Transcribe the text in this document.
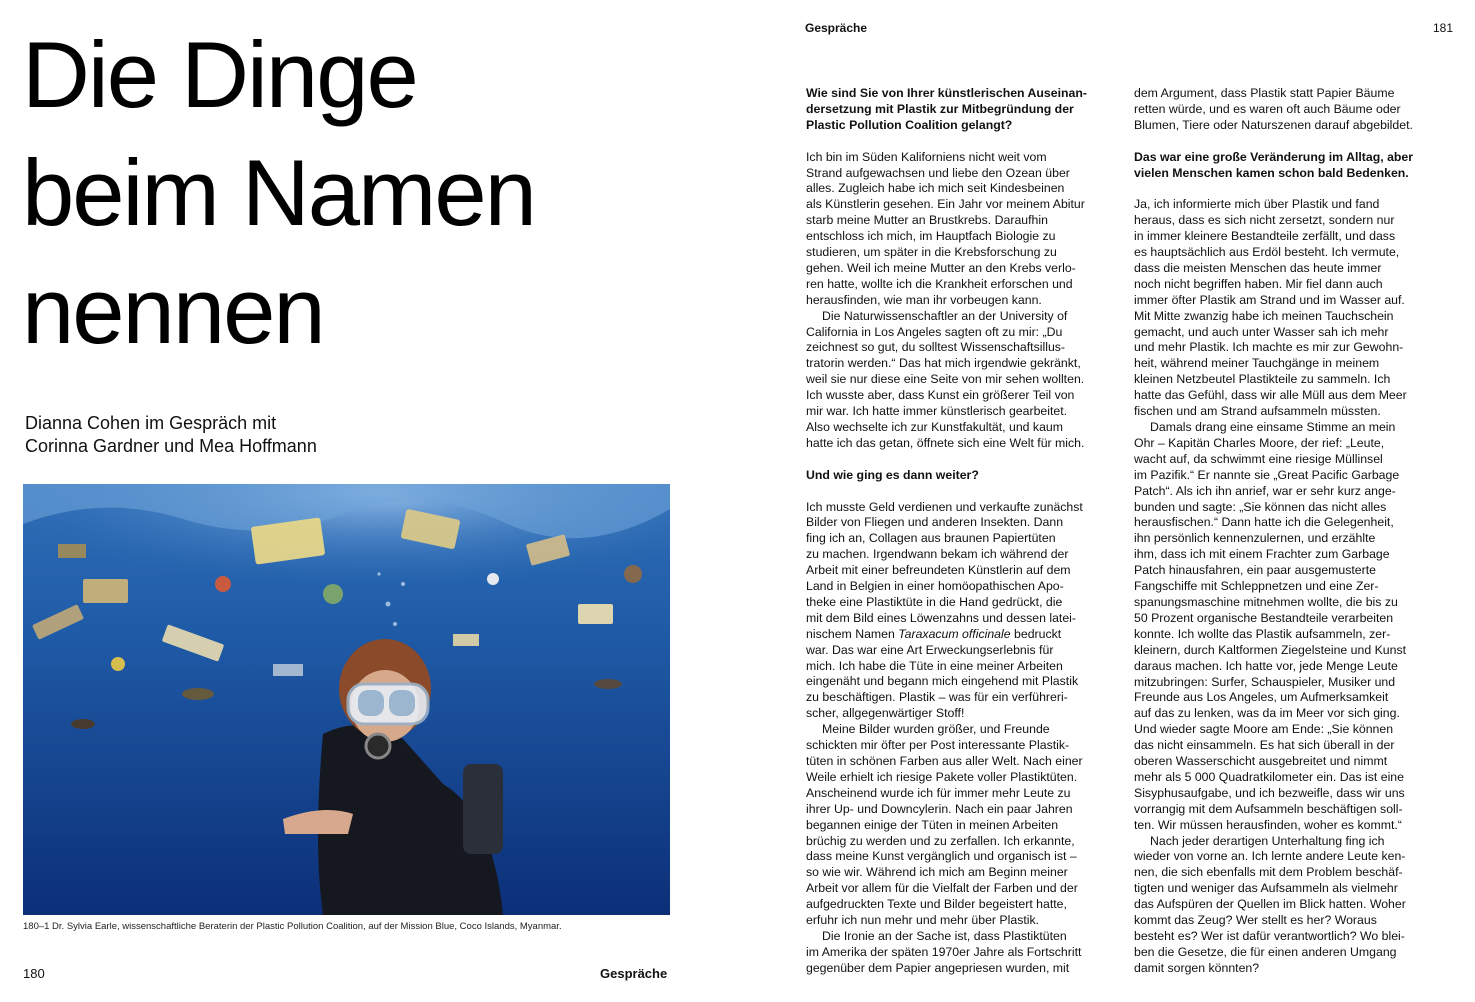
Die Dinge
beim Namen
nennen

Dianna Cohen im Gespräch mit
Corinna Gardner und Mea Hoffmann

180–1 Dr. Sylvia Earle, wissenschaftliche Beraterin der Plastic Pollution Coalition, auf der Mission Blue, Coco Islands, Myanmar.
180	Gespräche
Gespräche	181

Wie sind Sie von Ihrer künstlerischen Auseinan-
dersetzung mit Plastik zur Mitbegründung der
Plastic Pollution Coalition gelangt?

Ich bin im Süden Kaliforniens nicht weit vom
Strand aufgewachsen und liebe den Ozean über
alles. Zugleich habe ich mich seit Kindesbeinen
als Künstlerin gesehen. Ein Jahr vor meinem Abitur
starb meine Mutter an Brustkrebs. Daraufhin
entschloss ich mich, im Hauptfach Biologie zu
studieren, um später in die Krebsforschung zu
gehen. Weil ich meine Mutter an den Krebs verlo-
ren hatte, wollte ich die Krankheit erforschen und
herausfinden, wie man ihr vorbeugen kann.

Die Naturwissenschaftler an der University of
California in Los Angeles sagten oft zu mir: „Du
zeichnest so gut, du solltest Wissenschaftsillus-
tratorin werden.“ Das hat mich irgendwie gekränkt,
weil sie nur diese eine Seite von mir sehen wollten.
Ich wusste aber, dass Kunst ein größerer Teil von
mir war. Ich hatte immer künstlerisch gearbeitet.
Also wechselte ich zur Kunstfakultät, und kaum
hatte ich das getan, öffnete sich eine Welt für mich.

Und wie ging es dann weiter?

Ich musste Geld verdienen und verkaufte zunächst
Bilder von Fliegen und anderen Insekten. Dann
fing ich an, Collagen aus braunen Papiertüten
zu machen. Irgendwann bekam ich während der
Arbeit mit einer befreundeten Künstlerin auf dem
Land in Belgien in einer homöopathischen Apo-
theke eine Plastiktüte in die Hand gedrückt, die
mit dem Bild eines Löwenzahns und dessen latei-
nischem Namen Taraxacum officinale bedruckt
war. Das war eine Art Erweckungserlebnis für
mich. Ich habe die Tüte in eine meiner Arbeiten
eingenäht und begann mich eingehend mit Plastik
zu beschäftigen. Plastik – was für ein verführeri-
scher, allgegenwärtiger Stoff!

Meine Bilder wurden größer, und Freunde
schickten mir öfter per Post interessante Plastik-
tüten in schönen Farben aus aller Welt. Nach einer
Weile erhielt ich riesige Pakete voller Plastiktüten.
Anscheinend wurde ich für immer mehr Leute zu
ihrer Up- und Downcylerin. Nach ein paar Jahren
begannen einige der Tüten in meinen Arbeiten
brüchig zu werden und zu zerfallen. Ich erkannte,
dass meine Kunst vergänglich und organisch ist –
so wie wir. Während ich mich am Beginn meiner
Arbeit vor allem für die Vielfalt der Farben und der
aufgedruckten Texte und Bilder begeistert hatte,
erfuhr ich nun mehr und mehr über Plastik.

Die Ironie an der Sache ist, dass Plastiktüten
im Amerika der späten 1970er Jahre als Fortschritt
gegenüber dem Papier angepriesen wurden, mit

dem Argument, dass Plastik statt Papier Bäume
retten würde, und es waren oft auch Bäume oder
Blumen, Tiere oder Naturszenen darauf abgebildet.

Das war eine große Veränderung im Alltag, aber
vielen Menschen kamen schon bald Bedenken.

Ja, ich informierte mich über Plastik und fand
heraus, dass es sich nicht zersetzt, sondern nur
in immer kleinere Bestandteile zerfällt, und dass
es hauptsächlich aus Erdöl besteht. Ich vermute,
dass die meisten Menschen das heute immer
noch nicht begriffen haben. Mir fiel dann auch
immer öfter Plastik am Strand und im Wasser auf.
Mit Mitte zwanzig habe ich meinen Tauchschein
gemacht, und auch unter Wasser sah ich mehr
und mehr Plastik. Ich machte es mir zur Gewohn-
heit, während meiner Tauchgänge in meinem
kleinen Netzbeutel Plastikteile zu sammeln. Ich
hatte das Gefühl, dass wir alle Müll aus dem Meer
fischen und am Strand aufsammeln müssten.

Damals drang eine einsame Stimme an mein
Ohr – Kapitän Charles Moore, der rief: „Leute,
wacht auf, da schwimmt eine riesige Müllinsel
im Pazifik.“ Er nannte sie „Great Pacific Garbage
Patch“. Als ich ihn anrief, war er sehr kurz ange-
bunden und sagte: „Sie können das nicht alles
herausfischen.“ Dann hatte ich die Gelegenheit,
ihn persönlich kennenzulernen, und erzählte
ihm, dass ich mit einem Frachter zum Garbage
Patch hinausfahren, ein paar ausgemusterte
Fangschiffe mit Schleppnetzen und eine Zer-
spanungsmaschine mitnehmen wollte, die bis zu
50 Prozent organische Bestandteile verarbeiten
konnte. Ich wollte das Plastik aufsammeln, zer-
kleinern, durch Kaltformen Ziegelsteine und Kunst
daraus machen. Ich hatte vor, jede Menge Leute
mitzubringen: Surfer, Schauspieler, Musiker und
Freunde aus Los Angeles, um Aufmerksamkeit
auf das zu lenken, was da im Meer vor sich ging.
Und wieder sagte Moore am Ende: „Sie können
das nicht einsammeln. Es hat sich überall in der
oberen Wasserschicht ausgebreitet und nimmt
mehr als 5 000 Quadratkilometer ein. Das ist eine
Sisyphusaufgabe, und ich bezweifle, dass wir uns
vorrangig mit dem Aufsammeln beschäftigen soll-
ten. Wir müssen herausfinden, woher es kommt.“

Nach jeder derartigen Unterhaltung fing ich
wieder von vorne an. Ich lernte andere Leute ken-
nen, die sich ebenfalls mit dem Problem beschäf-
tigten und weniger das Aufsammeln als vielmehr
das Aufspüren der Quellen im Blick hatten. Woher
kommt das Zeug? Wer stellt es her? Woraus
besteht es? Wer ist dafür verantwortlich? Wo blei-
ben die Gesetze, die für einen anderen Umgang
damit sorgen könnten?
